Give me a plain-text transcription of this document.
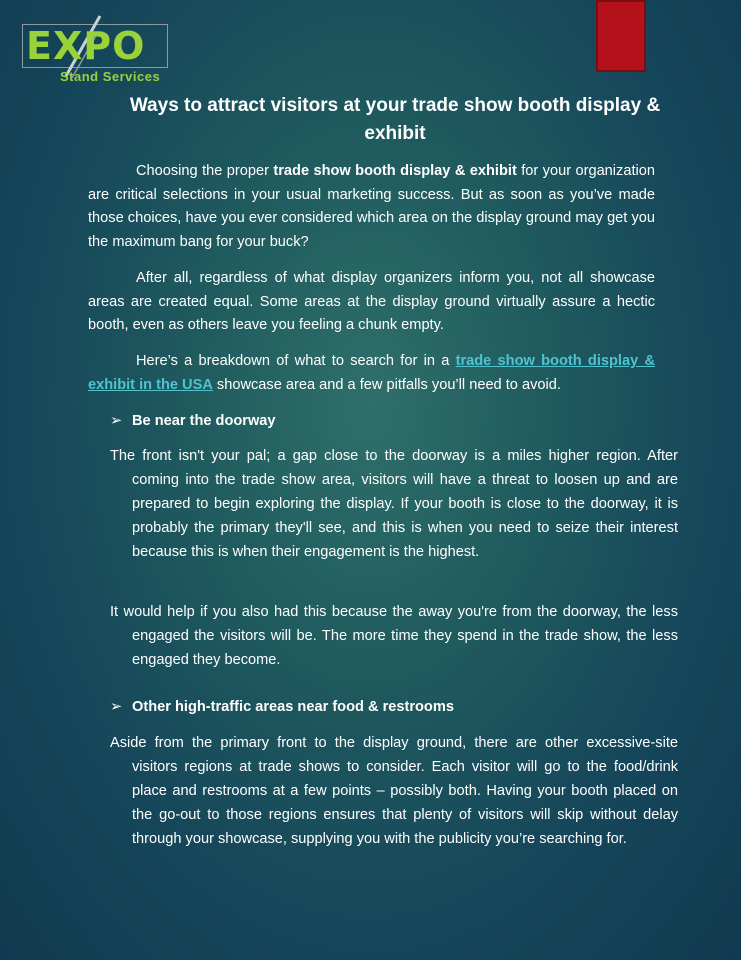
EXPO
Stand Services
Ways to attract visitors at your trade show booth display & exhibit

Choosing the proper trade show booth display & exhibit for your organization are critical selections in your usual marketing success. But as soon as you’ve made those choices, have you ever considered which area on the display ground may get you the maximum bang for your buck?

After all, regardless of what display organizers inform you, not all showcase areas are created equal. Some areas at the display ground virtually assure a hectic booth, even as others leave you feeling a chunk empty.

Here’s a breakdown of what to search for in a trade show booth display & exhibit in the USA showcase area and a few pitfalls you’ll need to avoid.

➢ Be near the doorway

The front isn't your pal; a gap close to the doorway is a miles higher region. After coming into the trade show area, visitors will have a threat to loosen up and are prepared to begin exploring the display. If your booth is close to the doorway, it is probably the primary they'll see, and this is when you need to seize their interest because this is when their engagement is the highest.

It would help if you also had this because the away you're from the doorway, the less engaged the visitors will be. The more time they spend in the trade show, the less engaged they become.

➢ Other high-traffic areas near food & restrooms

Aside from the primary front to the display ground, there are other excessive-site visitors regions at trade shows to consider. Each visitor will go to the food/drink place and restrooms at a few points – possibly both. Having your booth placed on the go-out to those regions ensures that plenty of visitors will skip without delay through your showcase, supplying you with the publicity you’re searching for.
